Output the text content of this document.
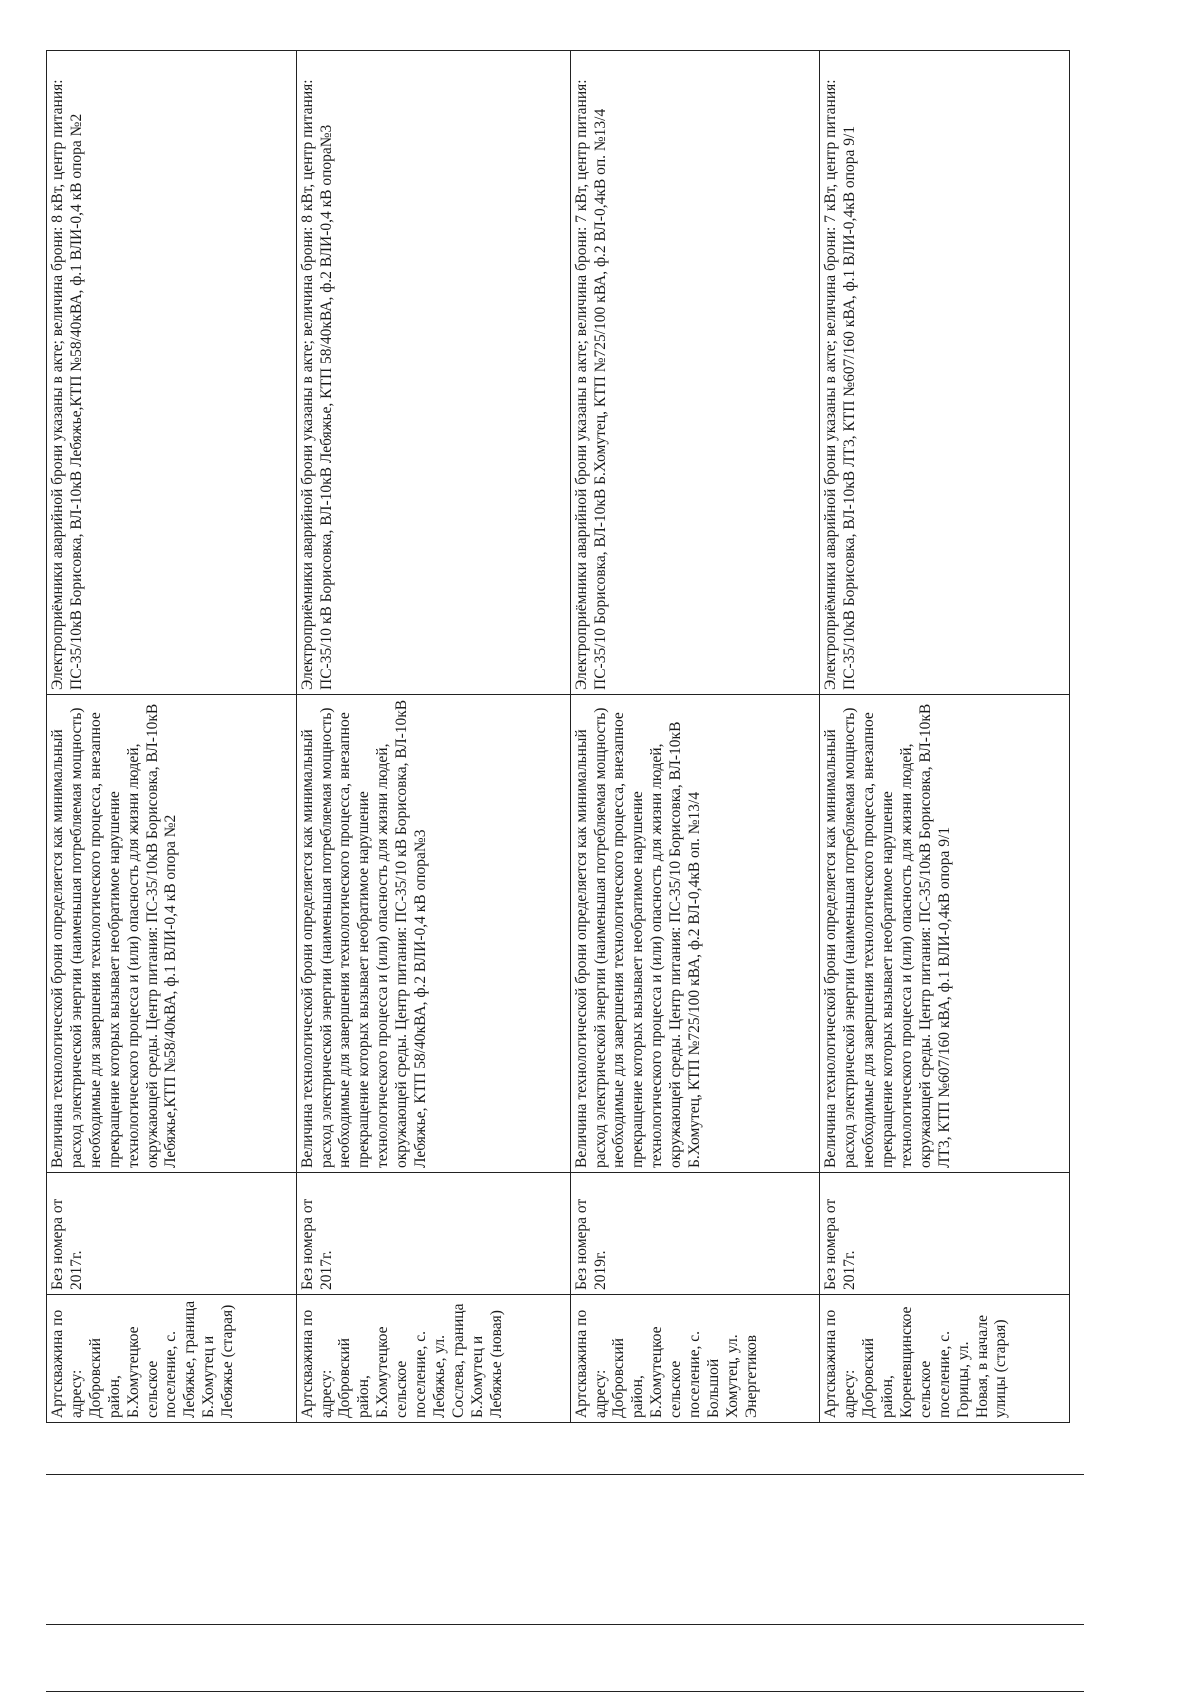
Артскважина по адресу: Добровский район, Б.Хомутецкое сельское поселение, с. Лебяжье, граница Б.Хомутец и Лебяжье (старая)	Без номера от 2017г.	Величина технологической брони определяется как минимальный расход электрической энергии (наименьшая потребляемая мощность) необходимые для завершения технологического процесса, внезапное прекращение которых вызывает необратимое нарушение технологического процесса и (или) опасность для жизни людей, окружающей среды. Центр питания: ПС-35/10кВ Борисовка, ВЛ-10кВ Лебяжье,КТП №58/40кВА, ф.1 ВЛИ-0,4 кВ опора №2	Электроприёмники аварийной брони указаны в акте; величина брони: 8 кВт, центр питания: ПС-35/10кВ Борисовка, ВЛ-10кВ Лебяжье,КТП №58/40кВА, ф.1 ВЛИ-0,4 кВ опора №2
Артскважина по адресу: Добровский район, Б.Хомутецкое сельское поселение, с. Лебяжье, ул. Сослева, граница Б.Хомутец и Лебяжье (новая)	Без номера от 2017г.	Величина технологической брони определяется как минимальный расход электрической энергии (наименьшая потребляемая мощность) необходимые для завершения технологического процесса, внезапное прекращение которых вызывает необратимое нарушение технологического процесса и (или) опасность для жизни людей, окружающей среды. Центр питания: ПС-35/10 кВ Борисовка, ВЛ-10кВ Лебяжье, КТП 58/40кВА, ф.2 ВЛИ-0,4 кВ опора№3	Электроприёмники аварийной брони указаны в акте; величина брони: 8 кВт, центр питания: ПС-35/10 кВ Борисовка, ВЛ-10кВ Лебяжье, КТП 58/40кВА, ф.2 ВЛИ-0,4 кВ опора№3
Артскважина по адресу: Добровский район, Б.Хомутецкое сельское поселение, с. Большой Хомутец, ул. Энергетиков	Без номера от 2019г.	Величина технологической брони определяется как минимальный расход электрической энергии (наименьшая потребляемая мощность) необходимые для завершения технологического процесса, внезапное прекращение которых вызывает необратимое нарушение технологического процесса и (или) опасность для жизни людей, окружающей среды. Центр питания: ПС-35/10 Борисовка, ВЛ-10кВ Б.Хомутец, КТП №725/100 кВА, ф.2 ВЛ-0,4кВ оп. №13/4	Электроприёмники аварийной брони указаны в акте; величина брони: 7 кВт, центр питания: ПС-35/10 Борисовка, ВЛ-10кВ Б.Хомутец, КТП №725/100 кВА, ф.2 ВЛ-0,4кВ оп. №13/4
Артскважина по адресу: Добровский район, Кореневщинское сельское поселение, с. Горицы, ул. Новая, в начале улицы (старая)	Без номера от 2017г.	Величина технологической брони определяется как минимальный расход электрической энергии (наименьшая потребляемая мощность) необходимые для завершения технологического процесса, внезапное прекращение которых вызывает необратимое нарушение технологического процесса и (или) опасность для жизни людей, окружающей среды. Центр питания: ПС-35/10кВ Борисовка, ВЛ-10кВ ЛТ3, КТП №607/160 кВА, ф.1 ВЛИ-0,4кВ опора 9/1	Электроприёмники аварийной брони указаны в акте; величина брони: 7 кВт, центр питания: ПС-35/10кВ Борисовка, ВЛ-10кВ ЛТ3, КТП №607/160 кВА, ф.1 ВЛИ-0,4кВ опора 9/1
